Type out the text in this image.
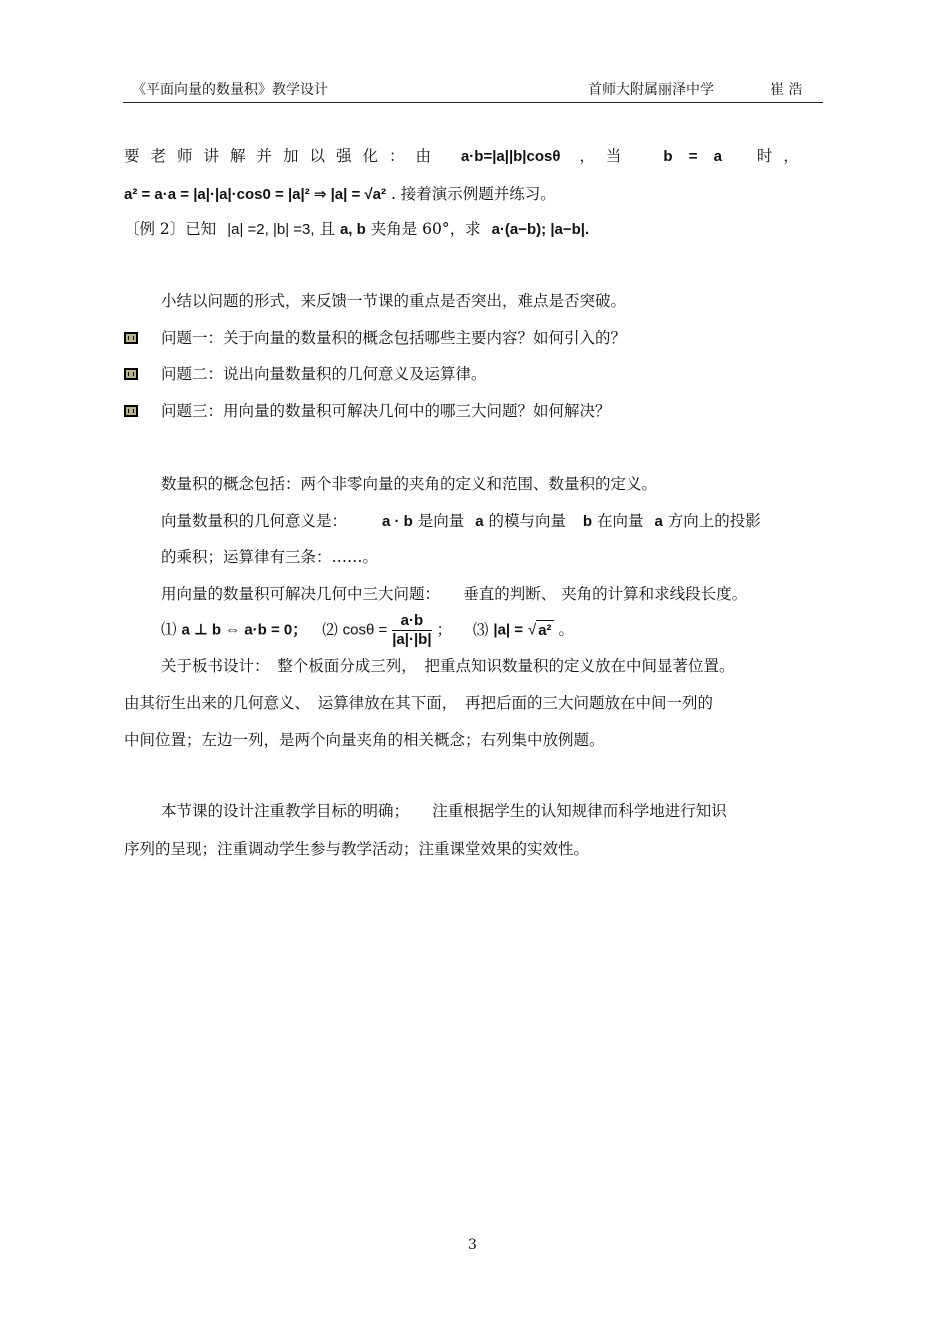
《平面向量的数量积》教学设计	首师大附属丽泽中学	崔 浩
要老师讲解并加以强化：由 a·b=|a||b|cosθ ，当 b = a 时，
a² = a·a = |a|·|a|·cos0 = |a|² ⇒ |a| = √a² . 接着演示例题并练习。
〔例 2〕已知 |a| =2, |b| =3, 且 a, b 夹角是 60°，求 a·(a−b); |a−b|.
小结以问题的形式，来反馈一节课的重点是否突出，难点是否突破。
问题一：关于向量的数量积的概念包括哪些主要内容？如何引入的？
问题二：说出向量数量积的几何意义及运算律。
问题三：用向量的数量积可解决几何中的哪三大问题？如何解决？
数量积的概念包括：两个非零向量的夹角的定义和范围、数量积的定义。
向量数量积的几何意义是： a · b 是向量 a 的模与向量 b 在向量 a 方向上的投影
的乘积；运算律有三条：……。
用向量的数量积可解决几何中三大问题：　　垂直的判断、 夹角的计算和求线段长度。
⑴ a ⊥ b ⇔ a·b = 0； ⑵ $\cos\theta = \frac{a\cdot b}{|a|\cdot|b|}$ ； ⑶ |a| = √ a² 。
关于板书设计：　整个板面分成三列，　把重点知识数量积的定义放在中间显著位置。
由其衍生出来的几何意义、　运算律放在其下面，　再把后面的三大问题放在中间一列的
中间位置；左边一列，是两个向量夹角的相关概念；右列集中放例题。
本节课的设计注重教学目标的明确；　　注重根据学生的认知规律而科学地进行知识
序列的呈现；注重调动学生参与教学活动；注重课堂效果的实效性。
3
